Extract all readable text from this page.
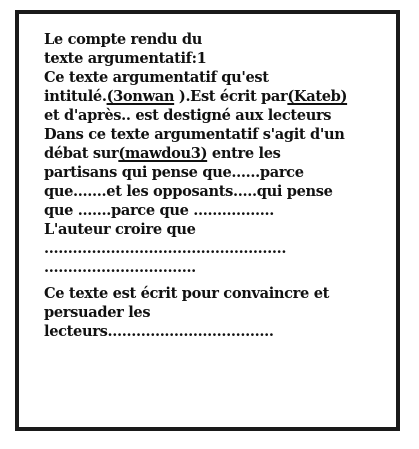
Le compte rendu du
texte argumentatif:1
Ce texte argumentatif qu'est
intitulé.(3onwan ).Est écrit par(Kateb)
et d'après.. est destigné aux lecteurs
Dans ce texte argumentatif s'agit d'un
débat sur(mawdou3) entre les
partisans qui pense que……parce
que…….et les opposants…..qui pense
que …….parce que ……………..
L'auteur croire que
……………………………………………
…………………………..
Ce texte est écrit pour convaincre et
persuader les
lecteurs……………………………..
